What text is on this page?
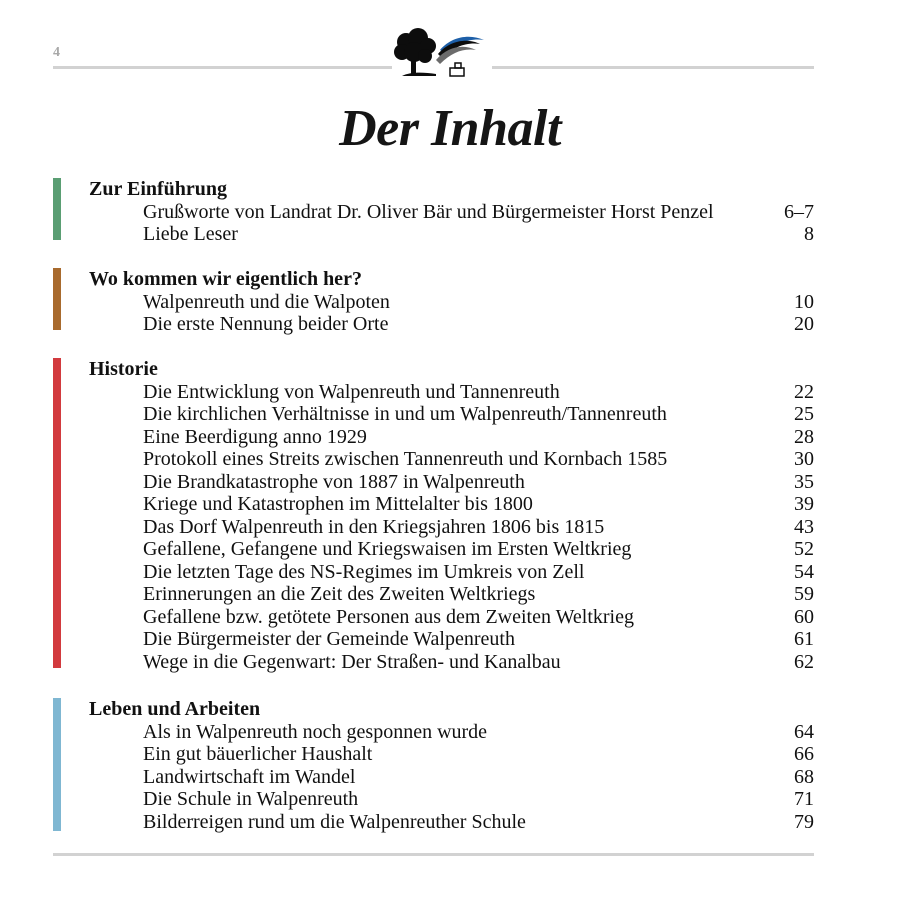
4
Der Inhalt
Zur Einführung
Grußworte von Landrat Dr. Oliver Bär und Bürgermeister Horst Penzel	6–7
Liebe Leser	8
Wo kommen wir eigentlich her?
Walpenreuth und die Walpoten	10
Die erste Nennung beider Orte	20
Historie
Die Entwicklung von Walpenreuth und Tannenreuth	22
Die kirchlichen Verhältnisse in und um Walpenreuth/Tannenreuth	25
Eine Beerdigung anno 1929	28
Protokoll eines Streits zwischen Tannenreuth und Kornbach 1585	30
Die Brandkatastrophe von 1887 in Walpenreuth	35
Kriege und Katastrophen im Mittelalter bis 1800	39
Das Dorf Walpenreuth in den Kriegsjahren 1806 bis 1815	43
Gefallene, Gefangene und Kriegswaisen im Ersten Weltkrieg	52
Die letzten Tage des NS-Regimes im Umkreis von Zell	54
Erinnerungen an die Zeit des Zweiten Weltkriegs	59
Gefallene bzw. getötete Personen aus dem Zweiten Weltkrieg	60
Die Bürgermeister der Gemeinde Walpenreuth	61
Wege in die Gegenwart: Der Straßen- und Kanalbau	62
Leben und Arbeiten
Als in Walpenreuth noch gesponnen wurde	64
Ein gut bäuerlicher Haushalt	66
Landwirtschaft im Wandel	68
Die Schule in Walpenreuth	71
Bilderreigen rund um die Walpenreuther Schule	79
